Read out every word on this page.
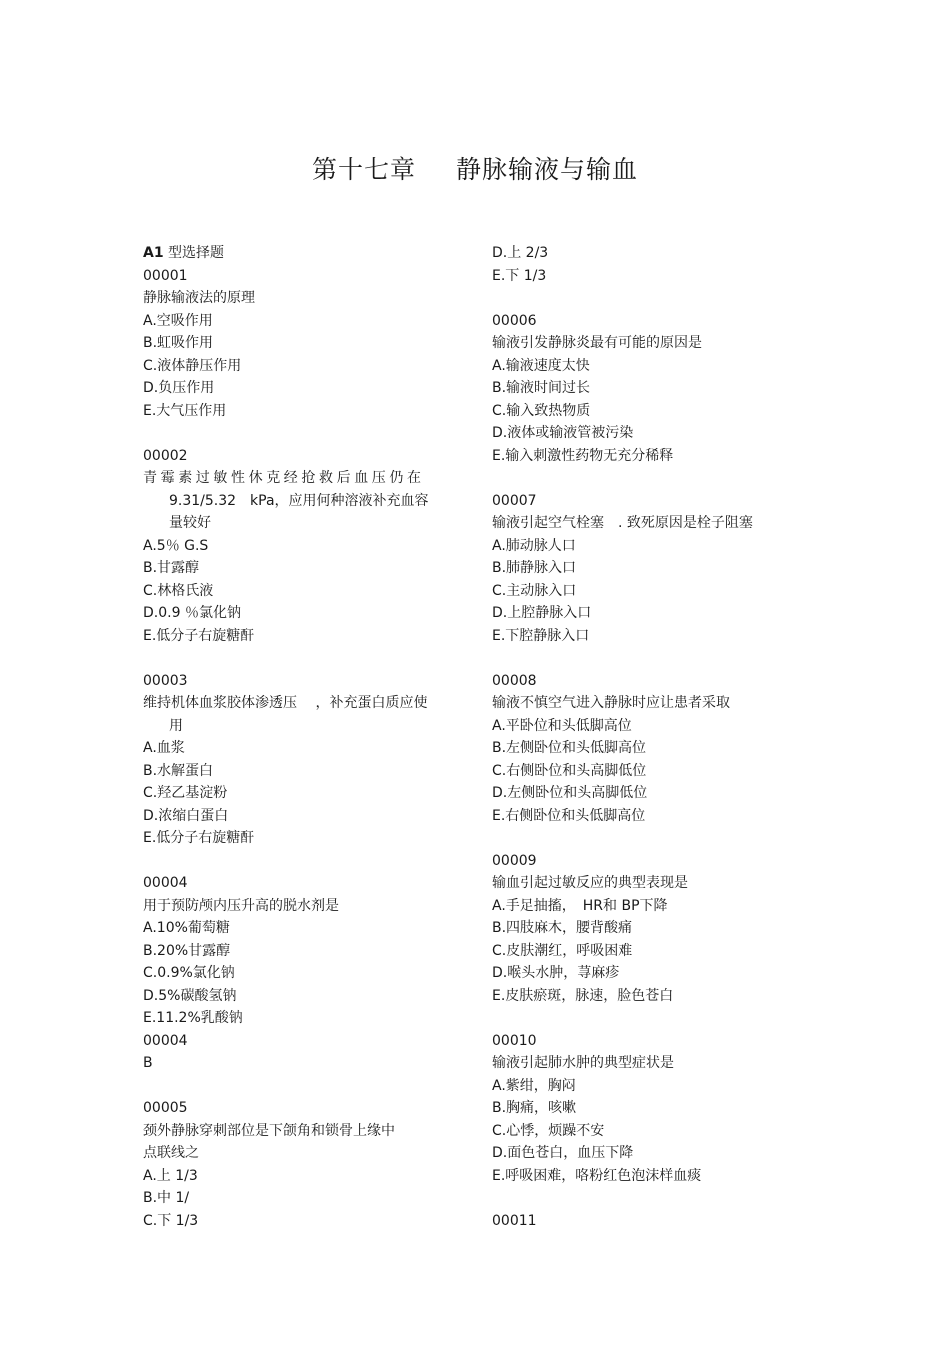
第十七章 静脉输液与输血
A1 型选择题
00001
静脉输液法的原理
A.空吸作用
B.虹吸作用
C.液体静压作用
D.负压作用
E.大气压作用
00002
青霉素过敏性休克经抢救后血压仍在
9.31/5.32　kPa，应用何种溶液补充血容
量较好
A.5％ G.S
B.甘露醇
C.林格氏液
D.0.9 ％氯化钠
E.低分子右旋糖酐
00003
维持机体血浆胶体渗透压　 ，补充蛋白质应使
用
A.血浆
B.水解蛋白
C.羟乙基淀粉
D.浓缩白蛋白
E.低分子右旋糖酐
00004
用于预防颅内压升高的脱水剂是
A.10%葡萄糖
B.20%甘露醇
C.0.9%氯化钠
D.5%碳酸氢钠
E.11.2%乳酸钠
00004
B
00005
颈外静脉穿刺部位是下颌角和锁骨上缘中
点联线之
A.上 1/3
B.中 1/
C.下 1/3
D.上 2/3
E.下 1/3
00006
输液引发静脉炎最有可能的原因是
A.输液速度太快
B.输液时间过长
C.输入致热物质
D.液体或输液管被污染
E.输入刺激性药物无充分稀释
00007
输液引起空气栓塞　. 致死原因是栓子阻塞
A.肺动脉人口
B.肺静脉入口
C.主动脉入口
D.上腔静脉入口
E.下腔静脉入口
00008
输液不慎空气进入静脉时应让患者采取
A.平卧位和头低脚高位
B.左侧卧位和头低脚高位
C.右侧卧位和头高脚低位
D.左侧卧位和头高脚低位
E.右侧卧位和头低脚高位
00009
输血引起过敏反应的典型表现是
A.手足抽搐，　HR和 BP下降
B.四肢麻木，腰背酸痛
C.皮肤潮红，呼吸困难
D.喉头水肿，荨麻疹
E.皮肤瘀斑，脉速，脸色苍白
00010
输液引起肺水肿的典型症状是
A.紫绀，胸闷
B.胸痛，咳嗽
C.心悸，烦躁不安
D.面色苍白，血压下降
E.呼吸困难，咯粉红色泡沫样血痰
00011
